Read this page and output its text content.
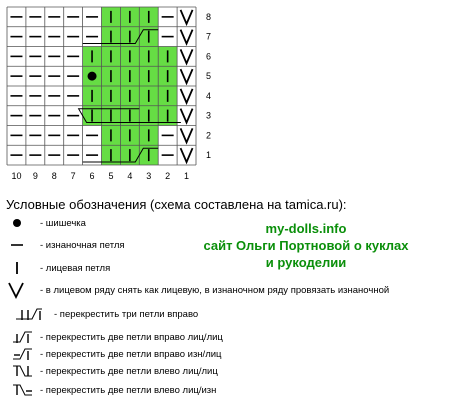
1
2
3
4
5
6
7
8
10 9 8 7 6 5 4 3 2 1
Условные обозначения (схема составлена на tamica.ru):
my-dolls.info
сайт Ольги Портновой о куклах
и рукоделии
- шишечка
- изнаночная петля
- лицевая петля
- в лицевом ряду снять как лицевую, в изнаночном ряду провязать изнаночной
- перекрестить три петли вправо
- перекрестить две петли вправо лиц/лиц
- перекрестить две петли вправо изн/лиц
- перекрестить две петли влево лиц/лиц
- перекрестить две петли влево лиц/изн
